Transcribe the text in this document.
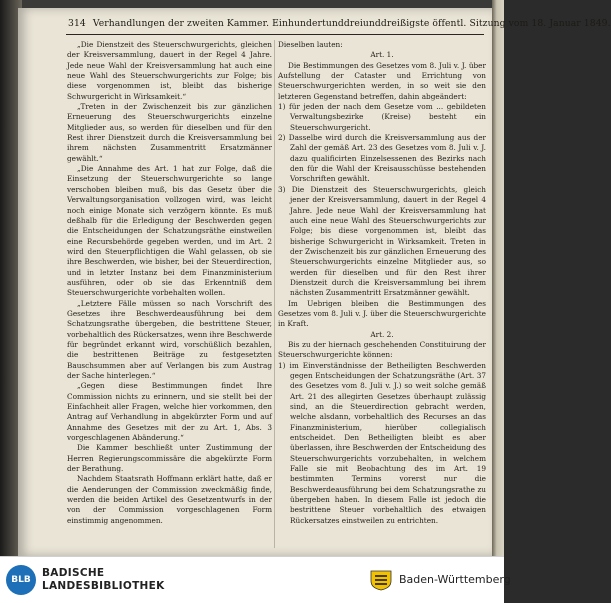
314 Verhandlungen der zweiten Kammer. Einhundertunddreiunddreißigste öffentl. Sitzung vom 18. Januar 1849.

„Die Dienstzeit des Steuerschwurgerichts, gleichen der Kreisversammlung, dauert in der Regel 4 Jahre. Jede neue Wahl der Kreisversammlung hat auch eine neue Wahl des Steuerschwurgerichts zur Folge; bis diese vorgenommen ist, bleibt das bisherige Schwurgericht in Wirksamkeit.“

„Treten in der Zwischenzeit bis zur gänzlichen Erneuerung des Steuerschwurgerichts einzelne Mitglieder aus, so werden für dieselben und für den Rest ihrer Dienstzeit durch die Kreisversammlung bei ihrem nächsten Zusammentritt Ersatzmänner gewählt.“

„Die Annahme des Art. 1 hat zur Folge, daß die Einsetzung der Steuerschwurgerichte so lange verschoben bleiben muß, bis das Gesetz über die Verwaltungsorganisation vollzogen wird, was leicht noch einige Monate sich verzögern könnte. Es muß deßhalb für die Erledigung der Beschwerden gegen die Entscheidungen der Schatzungsräthe einstweilen eine Recursbehörde gegeben werden, und im Art. 2 wird den Steuerpflichtigen die Wahl gelassen, ob sie ihre Beschwerden, wie bisher, bei der Steuerdirection, und in letzter Instanz bei dem Finanzministerium ausführen, oder ob sie das Erkenntniß dem Steuerschwurgerichte vorbehalten wollen.

„Letztere Fälle müssen so nach Vorschrift des Gesetzes ihre Beschwerdeausführung bei dem Schatzungsrathe übergeben, die bestrittene Steuer, vorbehaltlich des Rückersatzes, wenn ihre Beschwerde für begründet erkannt wird, vorschüßlich bezahlen, die bestrittenen Beiträge zu festgesetzten Bauschsummen aber auf Verlangen bis zum Austrag der Sache hinterlegen.“

„Gegen diese Bestimmungen findet Ihre Commission nichts zu erinnern, und sie stellt bei der Einfachheit aller Fragen, welche hier vorkommen, den Antrag auf Verhandlung in abgekürzter Form und auf Annahme des Gesetzes mit der zu Art. 1, Abs. 3 vorgeschlagenen Abänderung.“

Die Kammer beschließt unter Zustimmung der Herren Regierungscommissäre die abgekürzte Form der Berathung.

Nachdem Staatsrath Hoffmann erklärt hatte, daß er die Aenderungen der Commission zweckmäßig finde, werden die beiden Artikel des Gesetzentwurfs in der von der Commission vorgeschlagenen Form einstimmig angenommen.

Dieselben lauten:

Art. 1.

Die Bestimmungen des Gesetzes vom 8. Juli v. J. über Aufstellung der Cataster und Errichtung von Steuerschwurgerichten werden, in so weit sie den letzteren Gegenstand betreffen, dahin abgeändert:

1) für jeden der nach dem Gesetze vom ... gebildeten Verwaltungsbezirke (Kreise) besteht ein Steuerschwurgericht.

2) Dasselbe wird durch die Kreisversammlung aus der Zahl der gemäß Art. 23 des Gesetzes vom 8. Juli v. J. dazu qualificirten Einzelsessenen des Bezirks nach den für die Wahl der Kreisausschüsse bestehenden Vorschriften gewählt.

3) Die Dienstzeit des Steuerschwurgerichts, gleich jener der Kreisversammlung, dauert in der Regel 4 Jahre. Jede neue Wahl der Kreisversammlung hat auch eine neue Wahl des Steuerschwurgerichts zur Folge; bis diese vorgenommen ist, bleibt das bisherige Schwurgericht in Wirksamkeit. Treten in der Zwischenzeit bis zur gänzlichen Erneuerung des Steuerschwurgerichts einzelne Mitglieder aus, so werden für dieselben und für den Rest ihrer Dienstzeit durch die Kreisversammlung bei ihrem nächsten Zusammentritt Ersatzmänner gewählt.

Im Uebrigen bleiben die Bestimmungen des Gesetzes vom 8. Juli v. J. über die Steuerschwurgerichte in Kraft.

Art. 2.

Bis zu der hiernach geschehenden Constituirung der Steuerschwurgerichte können:

1) im Einverständnisse der Betheiligten Beschwerden gegen Entscheidungen der Schatzungsräthe (Art. 37 des Gesetzes vom 8. Juli v. J.) so weit solche gemäß Art. 21 des allegirten Gesetzes überhaupt zulässig sind, an die Steuerdirection gebracht werden, welche alsdann, vorbehaltlich des Recurses an das Finanzministerium, hierüber collegialisch entscheidet. Den Betheiligten bleibt es aber überlassen, ihre Beschwerden der Entscheidung des Steuerschwurgerichts vorzubehalten, in welchem Falle sie mit Beobachtung des im Art. 19 bestimmten Termins vorerst nur die Beschwerdeausführung bei dem Schatzungsrathe zu übergeben haben. In diesem Falle ist jedoch die bestrittene Steuer vorbehaltlich des etwaigen Rückersatzes einstweilen zu entrichten.

BLB
BADISCHE
LANDESBIBLIOTHEK	Baden-Württemberg
